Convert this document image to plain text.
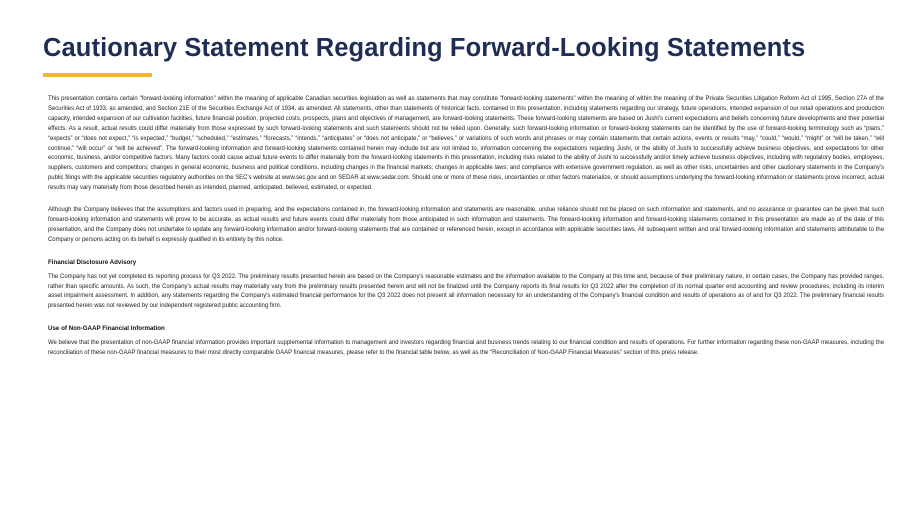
Cautionary Statement Regarding Forward-Looking Statements

This presentation contains certain "forward-looking information" within the meaning of applicable Canadian securities legislation as well as statements that may constitute "forward-looking statements" within the meaning of within the meaning of the Private Securities Litigation Reform Act of 1995, Section 27A of the Securities Act of 1933, as amended, and Section 21E of the Securities Exchange Act of 1934, as amended. All statements, other than statements of historical facts, contained in this presentation, including statements regarding our strategy, future operations, intended expansion of our retail operations and production capacity, intended expansion of our cultivation facilities, future financial position, projected costs, prospects, plans and objectives of management, are forward-looking statements. These forward-looking statements are based on Jushi's current expectations and beliefs concerning future developments and their potential effects. As a result, actual results could differ materially from those expressed by such forward-looking statements and such statements should not be relied upon. Generally, such forward-looking information or forward-looking statements can be identified by the use of forward-looking terminology such as “plans,” “expects” or “does not expect,” “is expected,” “budget,” “scheduled,” “estimates,” “forecasts,” “intends,” “anticipates” or “does not anticipate,” or “believes,” or variations of such words and phrases or may contain statements that certain actions, events or results “may,” “could,” “would,” “might” or “will be taken,” “will continue,” “will occur” or “will be achieved”. The forward-looking information and forward-looking statements contained herein may include but are not limited to, information concerning the expectations regarding Jushi, or the ability of Jushi to successfully achieve business objectives, and expectations for other economic, business, and/or competitive factors. Many factors could cause actual future events to differ materially from the forward-looking statements in this presentation, including risks related to the ability of Jushi to successfully and/or timely achieve business objectives, including with regulatory bodies, employees, suppliers, customers and competitors; changes in general economic, business and political conditions, including changes in the financial markets; changes in applicable laws; and compliance with extensive government regulation, as well as other risks, uncertainties and other cautionary statements in the Company’s public filings with the applicable securities regulatory authorities on the SEC’s website at www.sec.gov and on SEDAR at www.sedar.com. Should one or more of these risks, uncertainties or other factors materialize, or should assumptions underlying the forward-looking information or statements prove incorrect, actual results may vary materially from those described herein as intended, planned, anticipated, believed, estimated, or expected.

Although the Company believes that the assumptions and factors used in preparing, and the expectations contained in, the forward-looking information and statements are reasonable, undue reliance should not be placed on such information and statements, and no assurance or guarantee can be given that such forward-looking information and statements will prove to be accurate, as actual results and future events could differ materially from those anticipated in such information and statements. The forward-looking information and forward-looking statements contained in this presentation are made as of the date of this presentation, and the Company does not undertake to update any forward-looking information and/or forward-looking statements that are contained or referenced herein, except in accordance with applicable securities laws. All subsequent written and oral forward-looking information and statements attributable to the Company or persons acting on its behalf is expressly qualified in its entirety by this notice.

Financial Disclosure Advisory

The Company has not yet completed its reporting process for Q3 2022. The preliminary results presented herein are based on the Company's reasonable estimates and the information available to the Company at this time and, because of their preliminary nature, in certain cases, the Company has provided ranges, rather than specific amounts. As such, the Company's actual results may materially vary from the preliminary results presented herein and will not be finalized until the Company reports its final results for Q3 2022 after the completion of its normal quarter end accounting and review procedures, including its interim asset impairment assessment. In addition, any statements regarding the Company's estimated financial performance for the Q3 2022 does not present all information necessary for an understanding of the Company's financial condition and results of operations as of and for Q3 2022. The preliminary financial results presented herein was not reviewed by our independent registered public accounting firm.

Use of Non-GAAP Financial Information

We believe that the presentation of non-GAAP financial information provides important supplemental information to management and investors regarding financial and business trends relating to our financial condition and results of operations. For further information regarding these non-GAAP measures, including the reconciliation of these non-GAAP financial measures to their most directly comparable GAAP financial measures, please refer to the financial table below, as well as the "Reconciliation of Non-GAAP Financial Measures" section of this press release.
